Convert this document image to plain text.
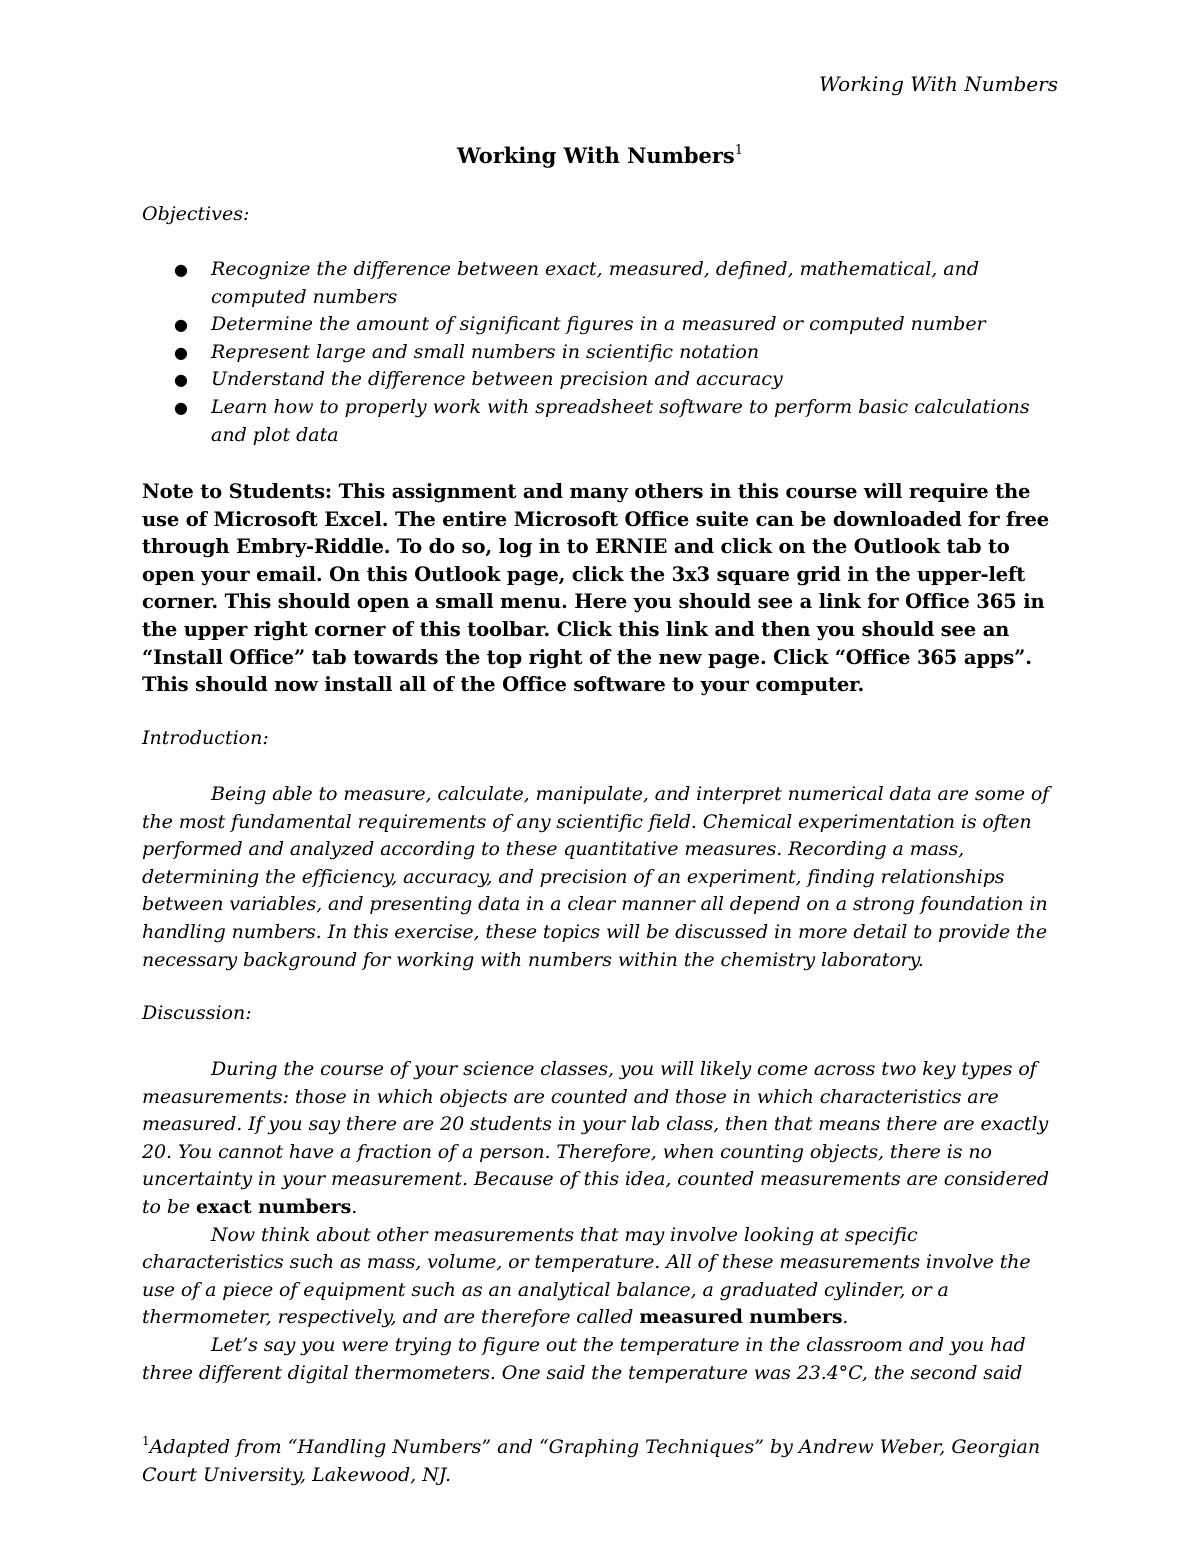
Working With Numbers
Working With Numbers$^1$
Objectives:
● Recognize the difference between exact, measured, defined, mathematical, and computed numbers
● Determine the amount of significant figures in a measured or computed number
● Represent large and small numbers in scientific notation
● Understand the difference between precision and accuracy
● Learn how to properly work with spreadsheet software to perform basic calculations and plot data
Note to Students: This assignment and many others in this course will require the use of Microsoft Excel. The entire Microsoft Office suite can be downloaded for free through Embry-Riddle. To do so, log in to ERNIE and click on the Outlook tab to open your email. On this Outlook page, click the 3x3 square grid in the upper-left corner. This should open a small menu. Here you should see a link for Office 365 in the upper right corner of this toolbar. Click this link and then you should see an “Install Office” tab towards the top right of the new page. Click “Office 365 apps”. This should now install all of the Office software to your computer.
Introduction:
Being able to measure, calculate, manipulate, and interpret numerical data are some of the most fundamental requirements of any scientific field. Chemical experimentation is often performed and analyzed according to these quantitative measures. Recording a mass, determining the efficiency, accuracy, and precision of an experiment, finding relationships between variables, and presenting data in a clear manner all depend on a strong foundation in handling numbers. In this exercise, these topics will be discussed in more detail to provide the necessary background for working with numbers within the chemistry laboratory.
Discussion:
During the course of your science classes, you will likely come across two key types of measurements: those in which objects are counted and those in which characteristics are measured. If you say there are 20 students in your lab class, then that means there are exactly 20. You cannot have a fraction of a person. Therefore, when counting objects, there is no uncertainty in your measurement. Because of this idea, counted measurements are considered to be exact numbers.
Now think about other measurements that may involve looking at specific characteristics such as mass, volume, or temperature. All of these measurements involve the use of a piece of equipment such as an analytical balance, a graduated cylinder, or a thermometer, respectively, and are therefore called measured numbers.
Let’s say you were trying to figure out the temperature in the classroom and you had three different digital thermometers. One said the temperature was 23.4°C, the second said
$^1$Adapted from “Handling Numbers” and “Graphing Techniques” by Andrew Weber, Georgian Court University, Lakewood, NJ.
